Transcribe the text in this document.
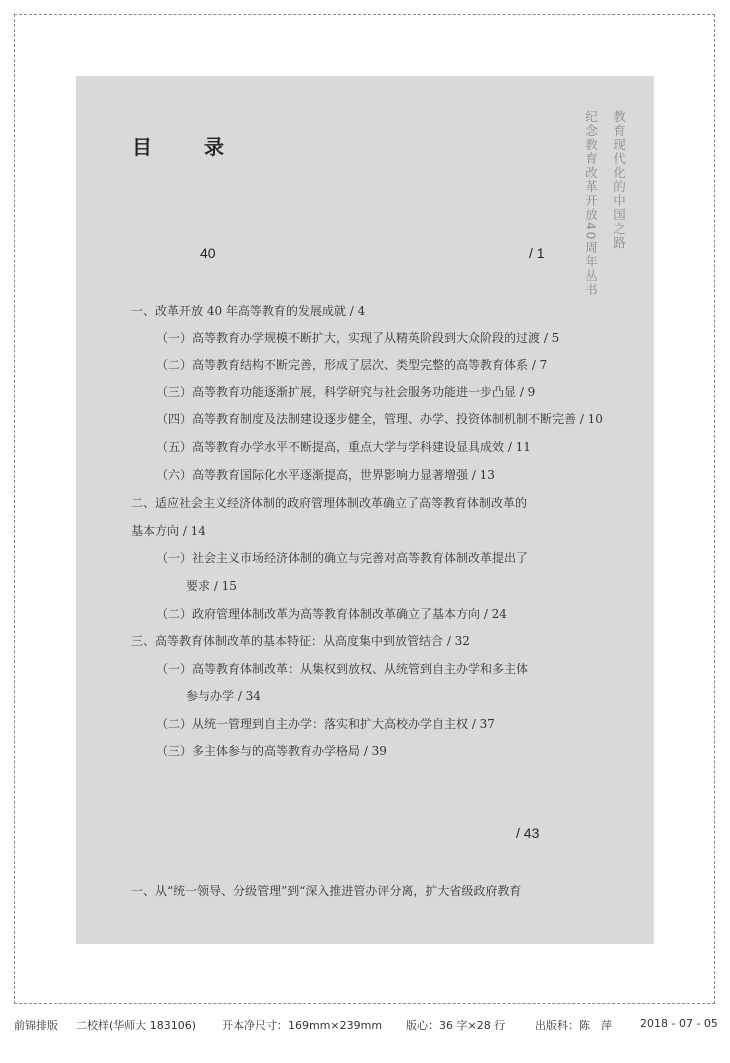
目　录	教育现代化的中国之路
纪念教育改革开放40周年丛书
40	/ 1
一、改革开放 40 年高等教育的发展成就 / 4
（一）高等教育办学规模不断扩大，实现了从精英阶段到大众阶段的过渡 / 5
（二）高等教育结构不断完善，形成了层次、类型完整的高等教育体系 / 7
（三）高等教育功能逐渐扩展，科学研究与社会服务功能进一步凸显 / 9
（四）高等教育制度及法制建设逐步健全，管理、办学、投资体制机制不断完善 / 10
（五）高等教育办学水平不断提高，重点大学与学科建设显具成效 / 11
（六）高等教育国际化水平逐渐提高，世界影响力显著增强 / 13
二、适应社会主义经济体制的政府管理体制改革确立了高等教育体制改革的
基本方向 / 14
（一）社会主义市场经济体制的确立与完善对高等教育体制改革提出了
要求 / 15
（二）政府管理体制改革为高等教育体制改革确立了基本方向 / 24
三、高等教育体制改革的基本特征：从高度集中到放管结合 / 32
（一）高等教育体制改革：从集权到放权、从统管到自主办学和多主体
参与办学 / 34
（二）从统一管理到自主办学：落实和扩大高校办学自主权 / 37
（三）多主体参与的高等教育办学格局 / 39
/ 43
一、从“统一领导、分级管理”到“深入推进管办评分离，扩大省级政府教育
前锦排版 二校样(华师大 183106) 开本净尺寸：169mm×239mm 版心：36 字×28 行	出版科：陈　萍	2018 - 07 - 05
